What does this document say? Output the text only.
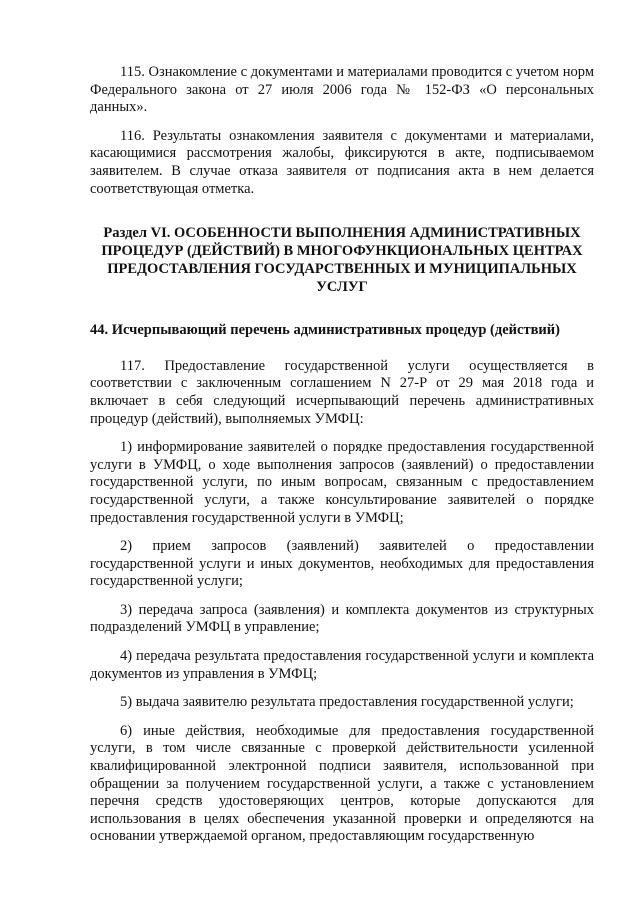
115. Ознакомление с документами и материалами проводится с учетом норм Федерального закона от 27 июля 2006 года № 152-ФЗ «О персональных данных».

116. Результаты ознакомления заявителя с документами и материалами, касающимися рассмотрения жалобы, фиксируются в акте, подписываемом заявителем. В случае отказа заявителя от подписания акта в нем делается соответствующая отметка.

Раздел VI. ОСОБЕННОСТИ ВЫПОЛНЕНИЯ АДМИНИСТРАТИВНЫХ ПРОЦЕДУР (ДЕЙСТВИЙ) В МНОГОФУНКЦИОНАЛЬНЫХ ЦЕНТРАХ ПРЕДОСТАВЛЕНИЯ ГОСУДАРСТВЕННЫХ И МУНИЦИПАЛЬНЫХ УСЛУГ
44. Исчерпывающий перечень административных процедур (действий)

117. Предоставление государственной услуги осуществляется в соответствии с заключенным соглашением N 27-Р от 29 мая 2018 года и включает в себя следующий исчерпывающий перечень административных процедур (действий), выполняемых УМФЦ:

1) информирование заявителей о порядке предоставления государственной услуги в УМФЦ, о ходе выполнения запросов (заявлений) о предоставлении государственной услуги, по иным вопросам, связанным с предоставлением государственной услуги, а также консультирование заявителей о порядке предоставления государственной услуги в УМФЦ;

2) прием запросов (заявлений) заявителей о предоставлении государственной услуги и иных документов, необходимых для предоставления государственной услуги;

3) передача запроса (заявления) и комплекта документов из структурных подразделений УМФЦ в управление;

4) передача результата предоставления государственной услуги и комплекта документов из управления в УМФЦ;

5) выдача заявителю результата предоставления государственной услуги;

6) иные действия, необходимые для предоставления государственной услуги, в том числе связанные с проверкой действительности усиленной квалифицированной электронной подписи заявителя, использованной при обращении за получением государственной услуги, а также с установлением перечня средств удостоверяющих центров, которые допускаются для использования в целях обеспечения указанной проверки и определяются на основании утверждаемой органом, предоставляющим государственную
